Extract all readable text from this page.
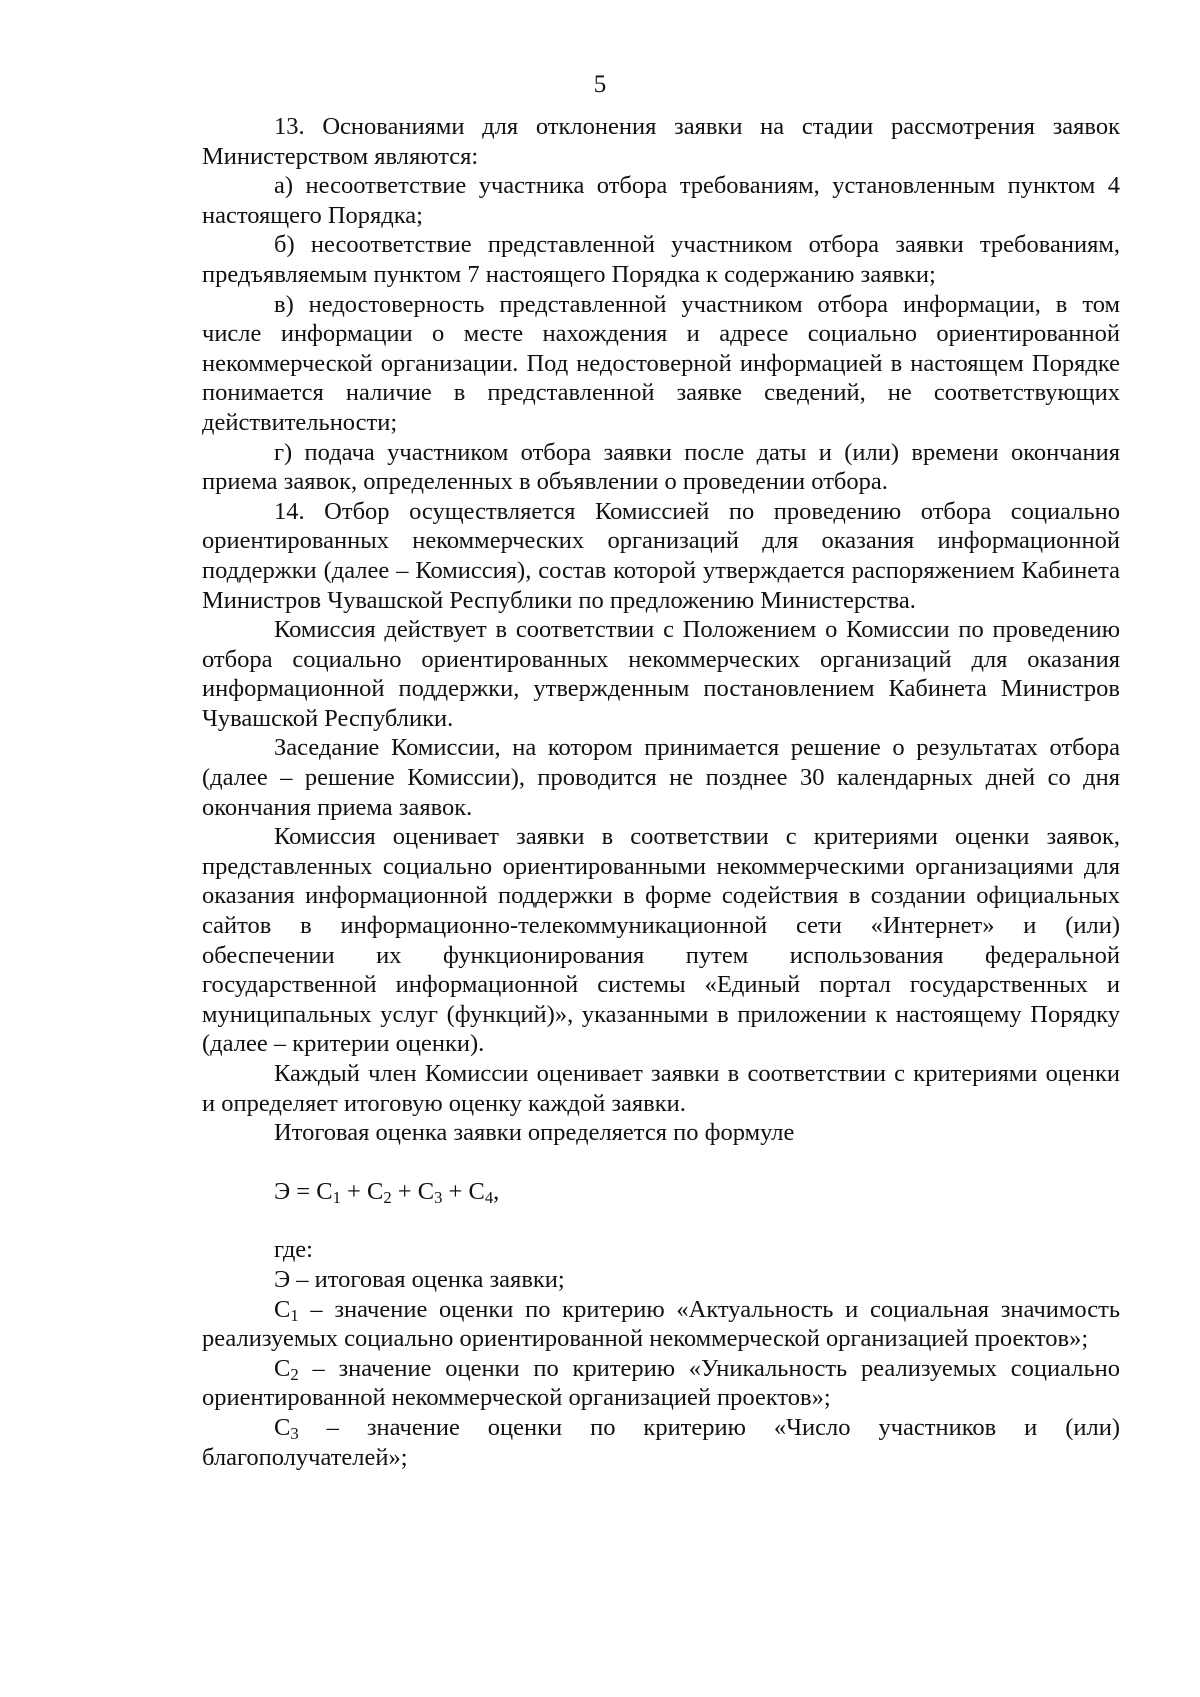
5

13. Основаниями для отклонения заявки на стадии рассмотрения заявок Министерством являются:

а) несоответствие участника отбора требованиям, установленным пунктом 4 настоящего Порядка;

б) несоответствие представленной участником отбора заявки требованиям, предъявляемым пунктом 7 настоящего Порядка к содержанию заявки;

в) недостоверность представленной участником отбора информации, в том числе информации о месте нахождения и адресе социально ориентированной некоммерческой организации. Под недостоверной информацией в настоящем Порядке понимается наличие в представленной заявке сведений, не соответствующих действительности;

г) подача участником отбора заявки после даты и (или) времени окончания приема заявок, определенных в объявлении о проведении отбора.

14. Отбор осуществляется Комиссией по проведению отбора социально ориентированных некоммерческих организаций для оказания информационной поддержки (далее – Комиссия), состав которой утверждается распоряжением Кабинета Министров Чувашской Республики по предложению Министерства.

Комиссия действует в соответствии с Положением о Комиссии по проведению отбора социально ориентированных некоммерческих организаций для оказания информационной поддержки, утвержденным постановлением Кабинета Министров Чувашской Республики.

Заседание Комиссии, на котором принимается решение о результатах отбора (далее – решение Комиссии), проводится не позднее 30 календарных дней со дня окончания приема заявок.

Комиссия оценивает заявки в соответствии с критериями оценки заявок, представленных социально ориентированными некоммерческими организациями для оказания информационной поддержки в форме содействия в создании официальных сайтов в информационно-телекоммуникационной сети «Интернет» и (или) обеспечении их функционирования путем использования федеральной государственной информационной системы «Единый портал государственных и муниципальных услуг (функций)», указанными в приложении к настоящему Порядку (далее – критерии оценки).

Каждый член Комиссии оценивает заявки в соответствии с критериями оценки и определяет итоговую оценку каждой заявки.

Итоговая оценка заявки определяется по формуле

$Э = C_1 + C_2 + C_3 + C_4$,

где:

Э – итоговая оценка заявки;

$C_1$ – значение оценки по критерию «Актуальность и социальная значимость реализуемых социально ориентированной некоммерческой организацией проектов»;

$C_2$ – значение оценки по критерию «Уникальность реализуемых социально ориентированной некоммерческой организацией проектов»;

$C_3$ – значение оценки по критерию «Число участников и (или) благополучателей»;
